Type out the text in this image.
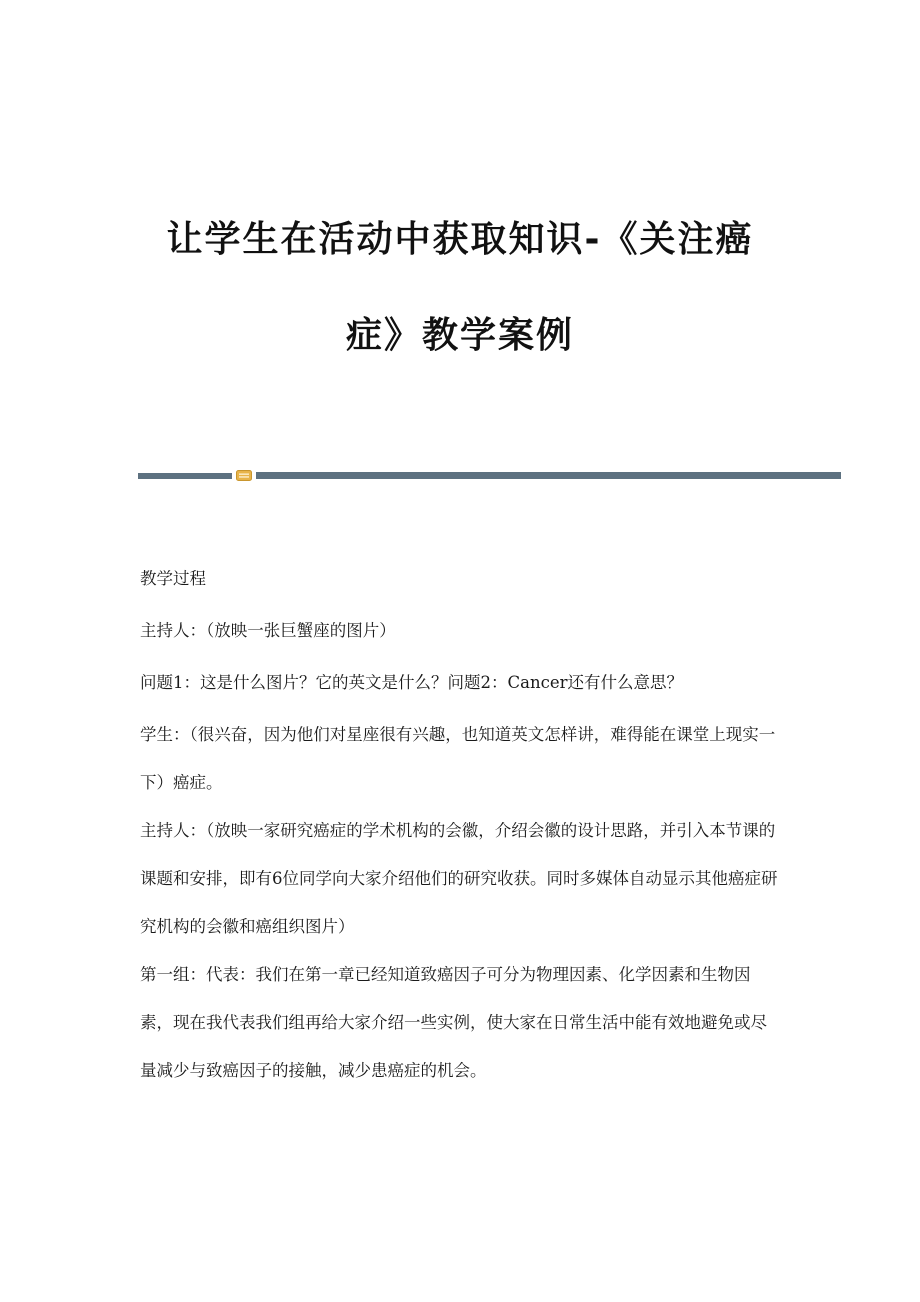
让学生在活动中获取知识-《关注癌
症》教学案例

教学过程

主持人：（放映一张巨蟹座的图片）

问题1：这是什么图片？它的英文是什么？问题2：Cancer还有什么意思？

学生：（很兴奋，因为他们对星座很有兴趣，也知道英文怎样讲，难得能在课堂上现实一下）癌症。

主持人：（放映一家研究癌症的学术机构的会徽，介绍会徽的设计思路，并引入本节课的课题和安排，即有6位同学向大家介绍他们的研究收获。同时多媒体自动显示其他癌症研究机构的会徽和癌组织图片）

第一组：代表：我们在第一章已经知道致癌因子可分为物理因素、化学因素和生物因素，现在我代表我们组再给大家介绍一些实例，使大家在日常生活中能有效地避免或尽量减少与致癌因子的接触，减少患癌症的机会。
